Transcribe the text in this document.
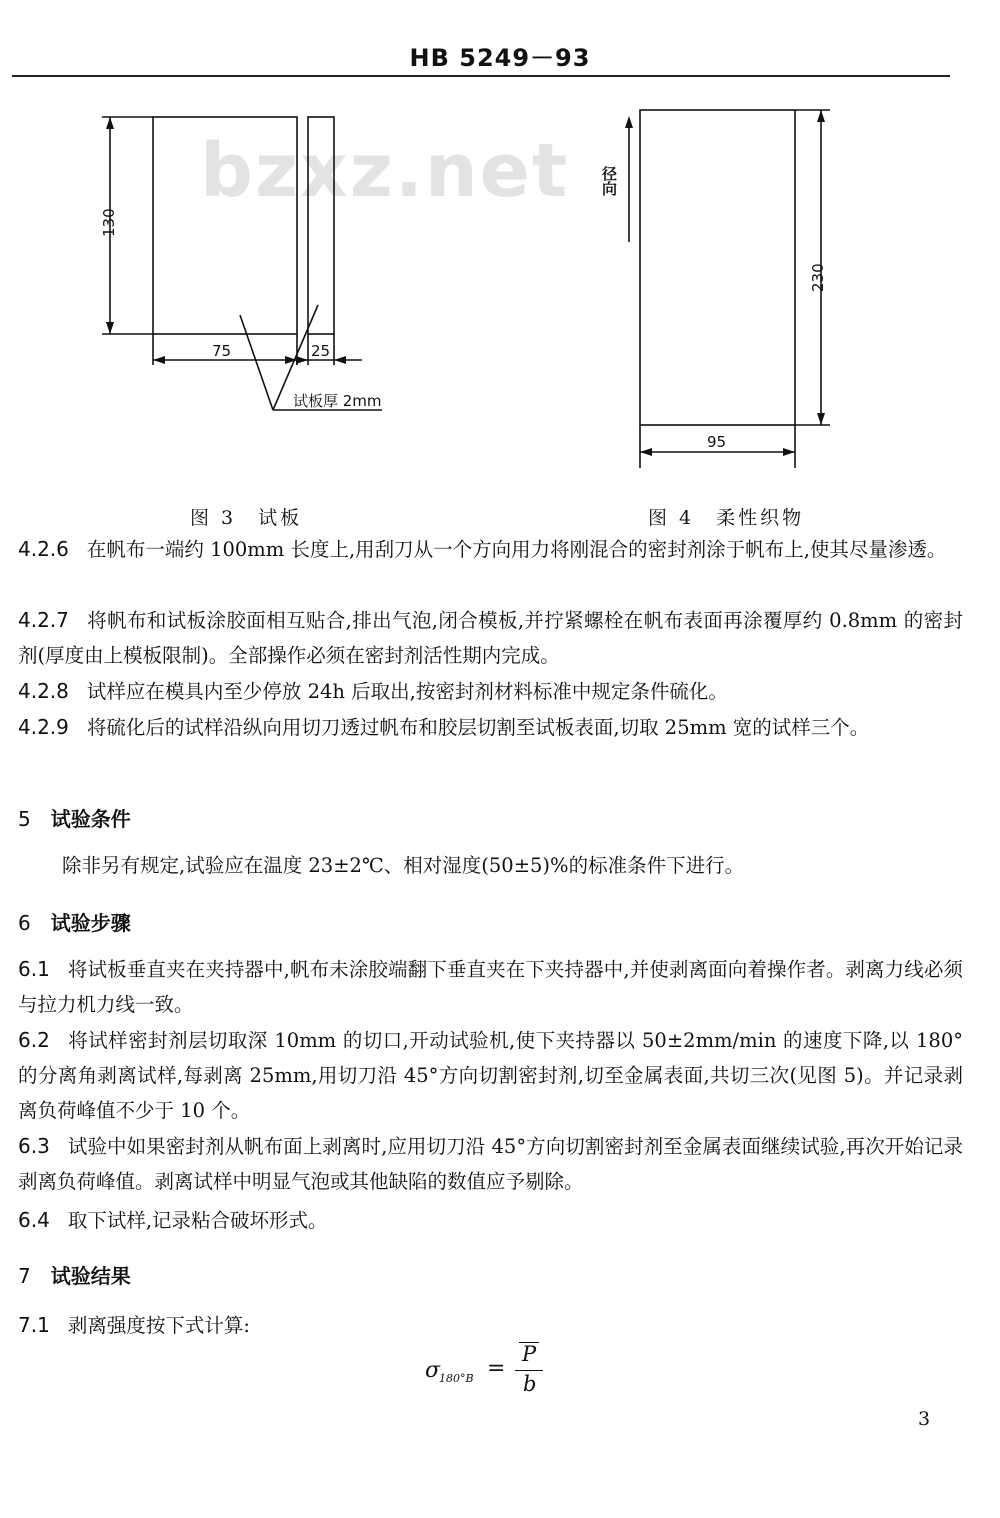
HB 5249－93
bzxz.net
130
75	25
试板厚 2mm
径向
230
95
图 3　试板	图 4　柔性织物
4.2.6 在帆布一端约 100mm 长度上,用刮刀从一个方向用力将刚混合的密封剂涂于帆布上,使其尽量渗透。
4.2.7 将帆布和试板涂胶面相互贴合,排出气泡,闭合模板,并拧紧螺栓在帆布表面再涂覆厚约 0.8mm 的密封剂(厚度由上模板限制)。全部操作必须在密封剂活性期内完成。
4.2.8 试样应在模具内至少停放 24h 后取出,按密封剂材料标准中规定条件硫化。
4.2.9 将硫化后的试样沿纵向用切刀透过帆布和胶层切割至试板表面,切取 25mm 宽的试样三个。
5 试验条件
除非另有规定,试验应在温度 23±2℃、相对湿度(50±5)%的标准条件下进行。
6 试验步骤
6.1 将试板垂直夹在夹持器中,帆布未涂胶端翻下垂直夹在下夹持器中,并使剥离面向着操作者。剥离力线必须与拉力机力线一致。
6.2 将试样密封剂层切取深 10mm 的切口,开动试验机,使下夹持器以 50±2mm/min 的速度下降,以 180°的分离角剥离试样,每剥离 25mm,用切刀沿 45°方向切割密封剂,切至金属表面,共切三次(见图 5)。并记录剥离负荷峰值不少于 10 个。
6.3 试验中如果密封剂从帆布面上剥离时,应用切刀沿 45°方向切割密封剂至金属表面继续试验,再次开始记录剥离负荷峰值。剥离试样中明显气泡或其他缺陷的数值应予剔除。
6.4 取下试样,记录粘合破坏形式。
7 试验结果
7.1 剥离强度按下式计算:
σ
180°B =
P
b
3
